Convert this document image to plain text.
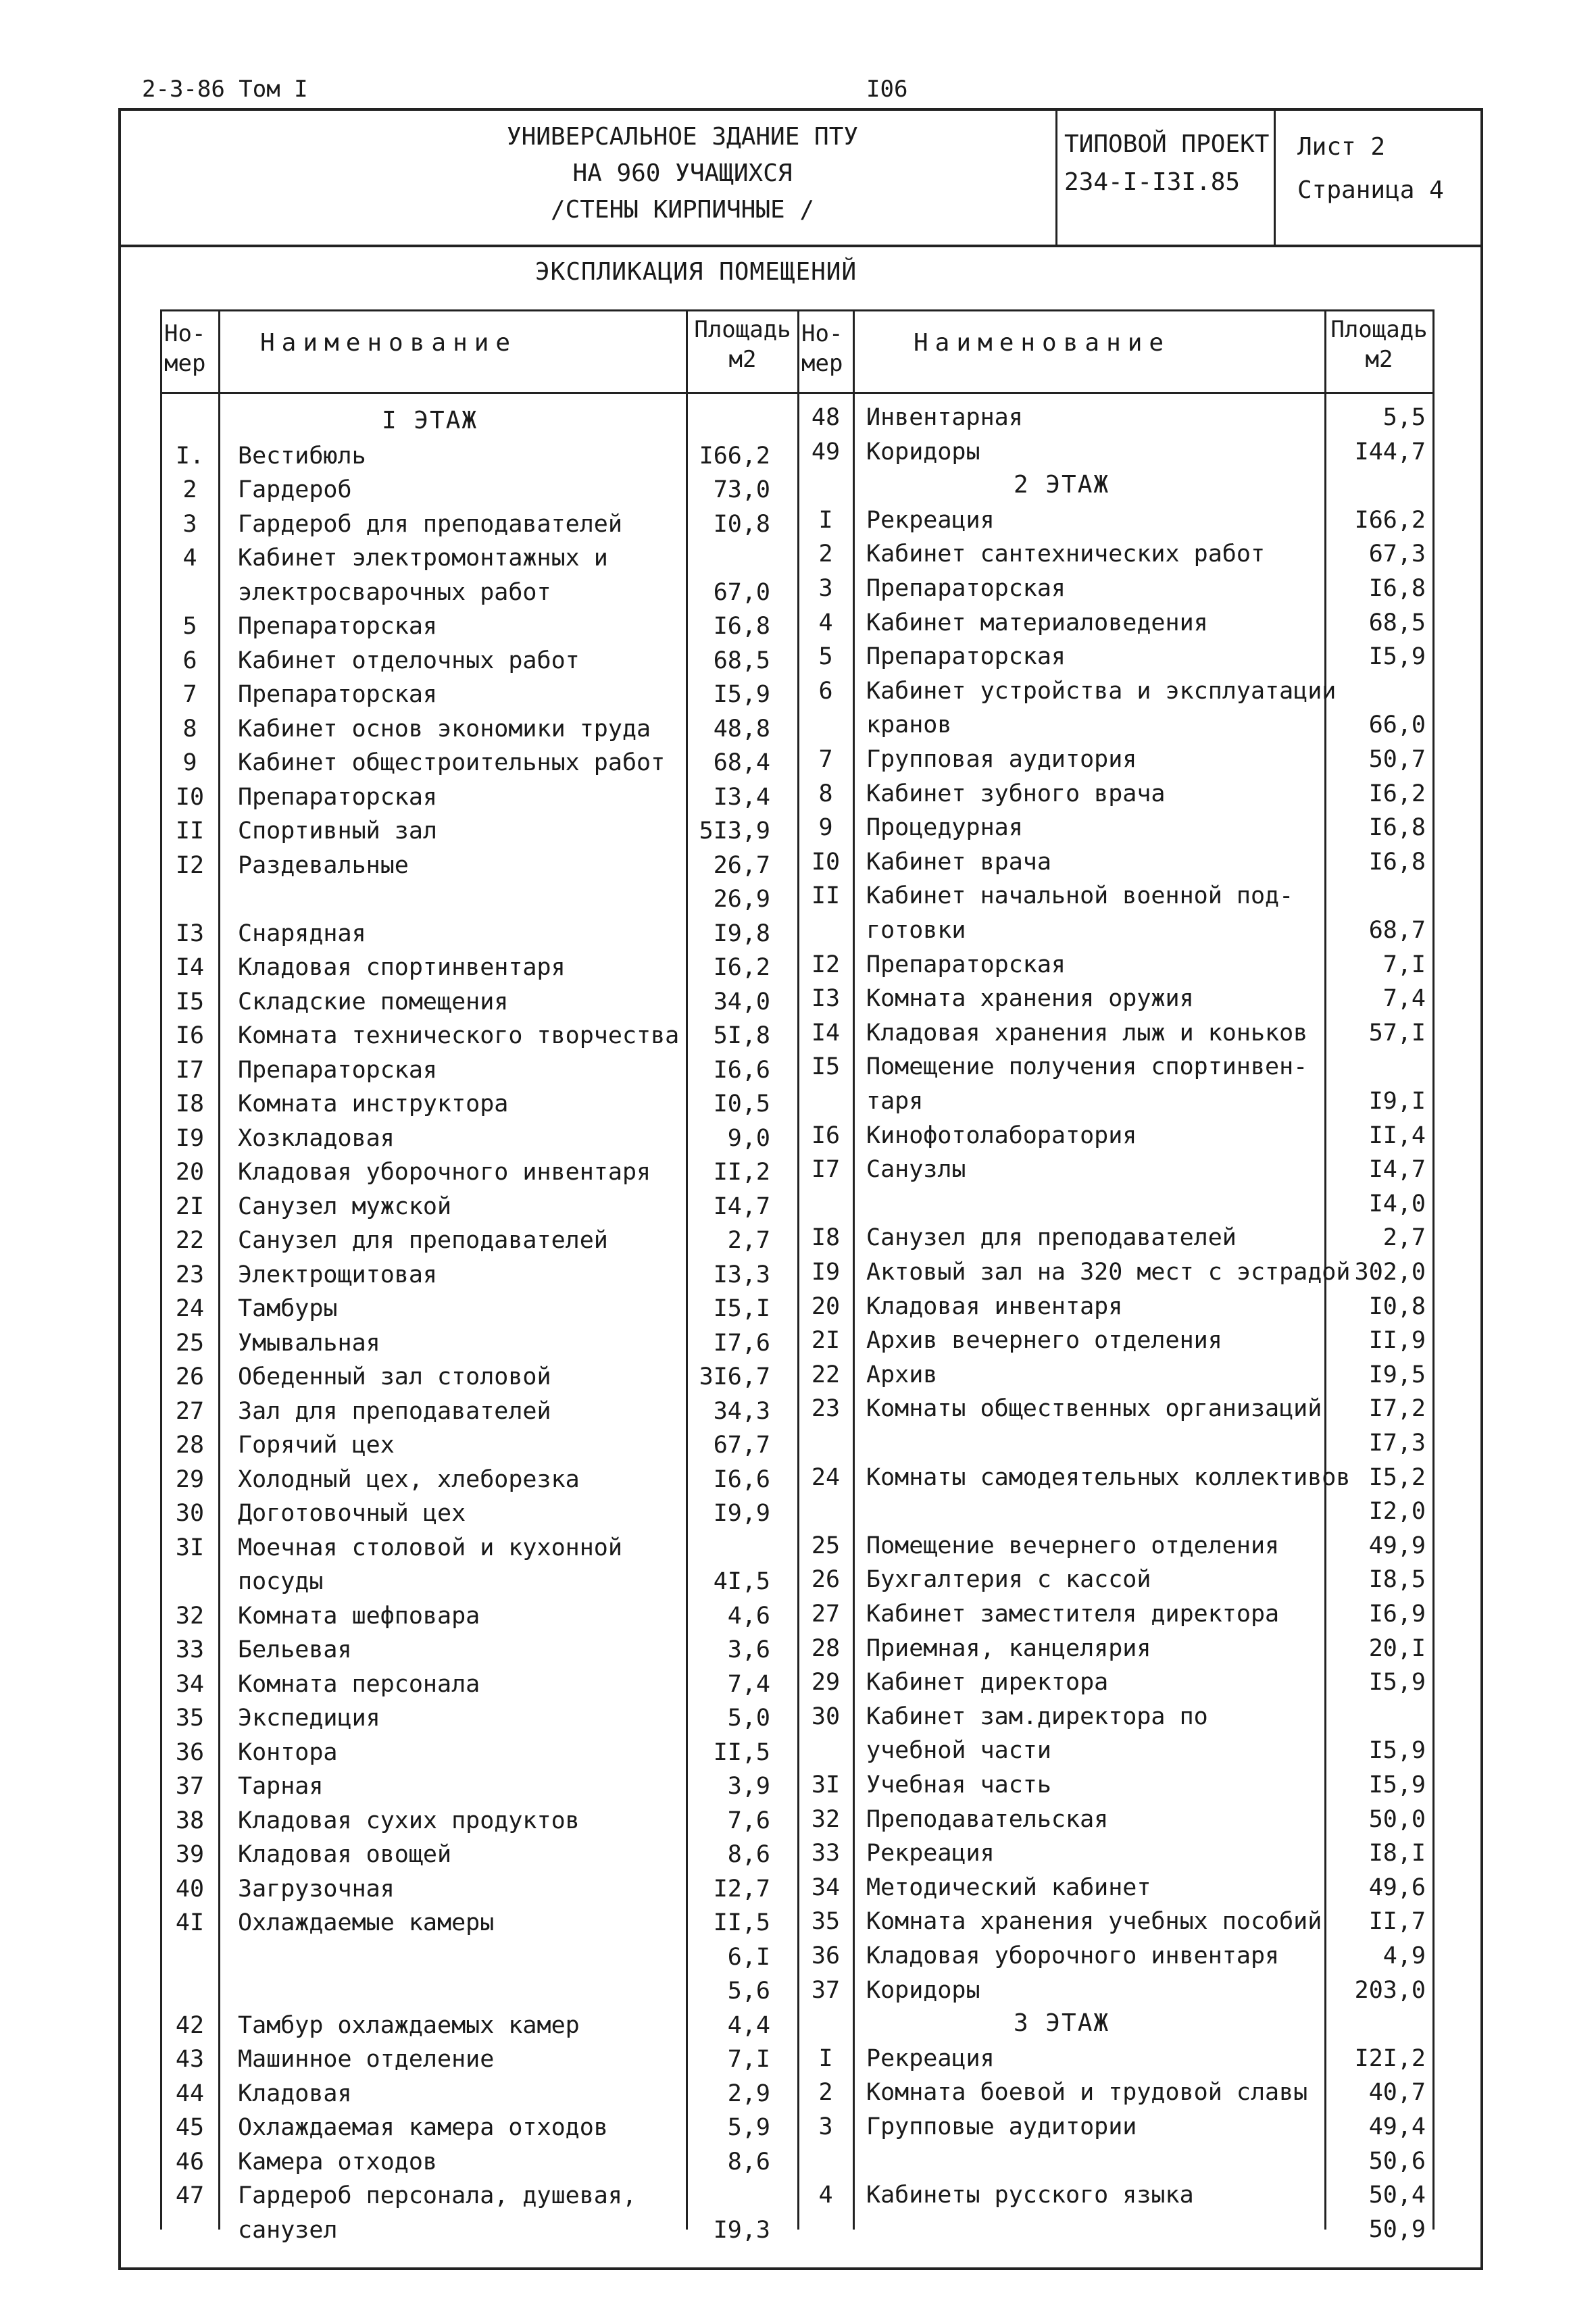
2-3-86 Том I	I06
УНИВЕРСАЛЬНОЕ ЗДАНИЕ ПТУ
НА 960 УЧАЩИХСЯ
/СТЕНЫ КИРПИЧНЫЕ /
ТИПОВОЙ ПРОЕКТ
234-I-I3I.85
Лист 2
Страница 4
ЭКСПЛИКАЦИЯ ПОМЕЩЕНИЙ
Но-
мер
Наименование	Площадь
м2
Но-
мер
Наименование	Площадь
м2
I ЭТАЖ
I.	Вестибюль	I66,2
2	Гардероб	73,0
3	Гардероб для преподавателей	I0,8
4	Кабинет электромонтажных и
электросварочных работ	67,0
5	Препараторская	I6,8
6	Кабинет отделочных работ	68,5
7	Препараторская	I5,9
8	Кабинет основ экономики труда	48,8
9	Кабинет общестроительных работ	68,4
I0	Препараторская	I3,4
II	Спортивный зал	5I3,9
I2	Раздевальные	26,7
26,9
I3	Снарядная	I9,8
I4	Кладовая спортинвентаря	I6,2
I5	Складские помещения	34,0
I6	Комната технического творчества	5I,8
I7	Препараторская	I6,6
I8	Комната инструктора	I0,5
I9	Хозкладовая	9,0
20	Кладовая уборочного инвентаря	II,2
2I	Санузел мужской	I4,7
22	Санузел для преподавателей	2,7
23	Электрощитовая	I3,3
24	Тамбуры	I5,I
25	Умывальная	I7,6
26	Обеденный зал столовой	3I6,7
27	Зал для преподавателей	34,3
28	Горячий цех	67,7
29	Холодный цех, хлеборезка	I6,6
30	Доготовочный цех	I9,9
3I	Моечная столовой и кухонной
посуды	4I,5
32	Комната шефповара	4,6
33	Бельевая	3,6
34	Комната персонала	7,4
35	Экспедиция	5,0
36	Контора	II,5
37	Тарная	3,9
38	Кладовая сухих продуктов	7,6
39	Кладовая овощей	8,6
40	Загрузочная	I2,7
4I	Охлаждаемые камеры	II,5
6,I
5,6
42	Тамбур охлаждаемых камер	4,4
43	Машинное отделение	7,I
44	Кладовая	2,9
45	Охлаждаемая камера отходов	5,9
46	Камера отходов	8,6
47	Гардероб персонала, душевая,
санузел	I9,3
48	Инвентарная	5,5
49	Коридоры	I44,7
2 ЭТАЖ
I	Рекреация	I66,2
2	Кабинет сантехнических работ	67,3
3	Препараторская	I6,8
4	Кабинет материаловедения	68,5
5	Препараторская	I5,9
6	Кабинет устройства и эксплуатации
кранов	66,0
7	Групповая аудитория	50,7
8	Кабинет зубного врача	I6,2
9	Процедурная	I6,8
I0	Кабинет врача	I6,8
II	Кабинет начальной военной под-
готовки	68,7
I2	Препараторская	7,I
I3	Комната хранения оружия	7,4
I4	Кладовая хранения лыж и коньков	57,I
I5	Помещение получения спортинвен-
таря	I9,I
I6	Кинофотолаборатория	II,4
I7	Санузлы	I4,7
I4,0
I8	Санузел для преподавателей	2,7
I9	Актовый зал на 320 мест с эстрадой 302,0
20	Кладовая инвентаря	I0,8
2I	Архив вечернего отделения	II,9
22	Архив	I9,5
23	Комнаты общественных организаций	I7,2
I7,3
24	Комнаты самодеятельных коллективов I5,2
I2,0
25	Помещение вечернего отделения	49,9
26	Бухгалтерия с кассой	I8,5
27	Кабинет заместителя директора	I6,9
28	Приемная, канцелярия	20,I
29	Кабинет директора	I5,9
30	Кабинет зам.директора по
учебной части	I5,9
3I	Учебная часть	I5,9
32	Преподавательская	50,0
33	Рекреация	I8,I
34	Методический кабинет	49,6
35	Комната хранения учебных пособий	II,7
36	Кладовая уборочного инвентаря	4,9
37	Коридоры	203,0
3 ЭТАЖ
I	Рекреация	I2I,2
2	Комната боевой и трудовой славы	40,7
3	Групповые аудитории	49,4
50,6
4	Кабинеты русского языка	50,4
50,9
